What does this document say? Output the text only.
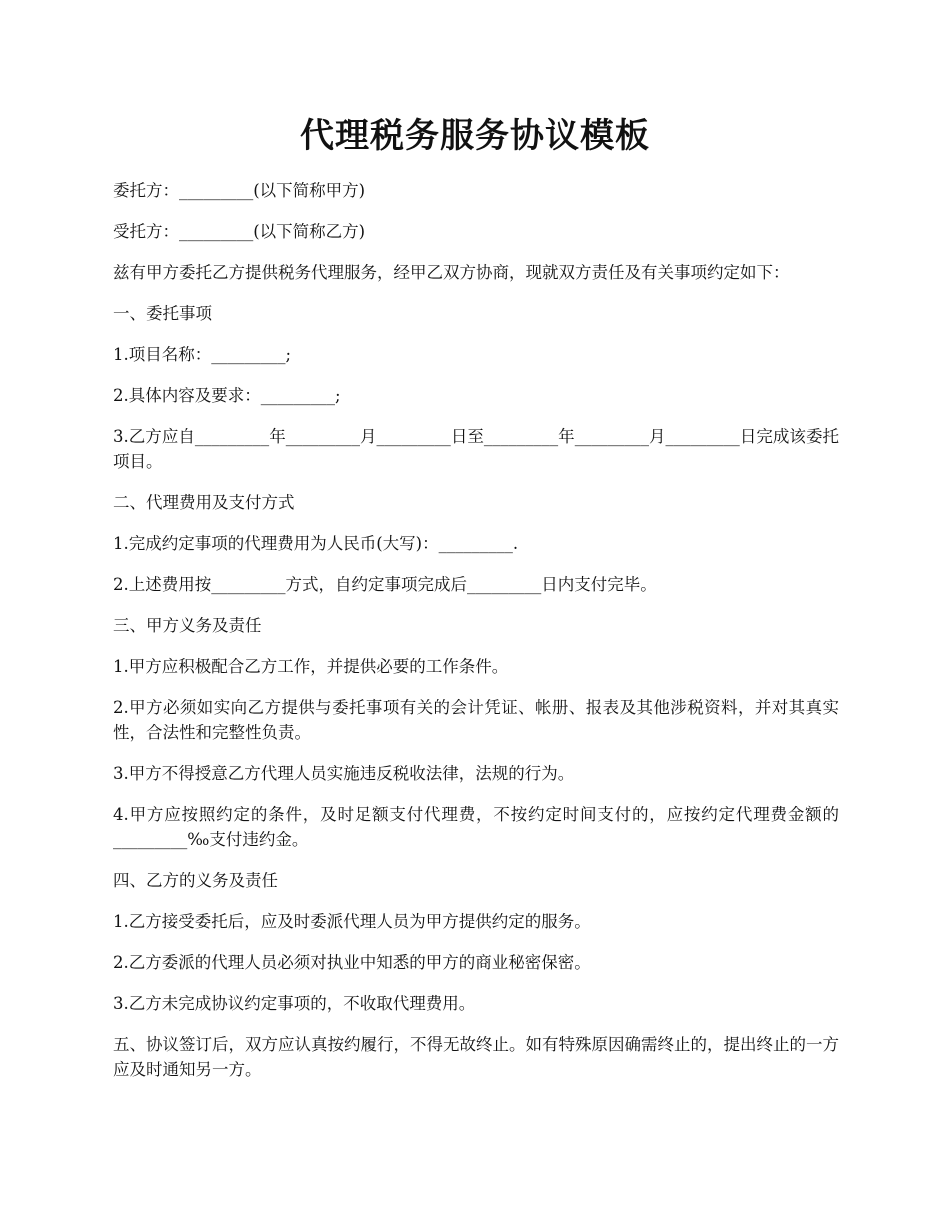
代理税务服务协议模板

委托方：_________(以下简称甲方)

受托方：_________(以下简称乙方)

兹有甲方委托乙方提供税务代理服务，经甲乙双方协商，现就双方责任及有关事项约定如下：

一、委托事项

1.项目名称：_________;

2.具体内容及要求：_________;

3.乙方应自_________年_________月_________日至_________年_________月_________日完成该委托项目。

二、代理费用及支付方式

1.完成约定事项的代理费用为人民币(大写)：_________.

2.上述费用按_________方式，自约定事项完成后_________日内支付完毕。

三、甲方义务及责任

1.甲方应积极配合乙方工作，并提供必要的工作条件。

2.甲方必须如实向乙方提供与委托事项有关的会计凭证、帐册、报表及其他涉税资料，并对其真实性，合法性和完整性负责。

3.甲方不得授意乙方代理人员实施违反税收法律，法规的行为。

4.甲方应按照约定的条件，及时足额支付代理费，不按约定时间支付的，应按约定代理费金额的_________‰支付违约金。

四、乙方的义务及责任

1.乙方接受委托后，应及时委派代理人员为甲方提供约定的服务。

2.乙方委派的代理人员必须对执业中知悉的甲方的商业秘密保密。

3.乙方未完成协议约定事项的，不收取代理费用。

五、协议签订后，双方应认真按约履行，不得无故终止。如有特殊原因确需终止的，提出终止的一方应及时通知另一方。
